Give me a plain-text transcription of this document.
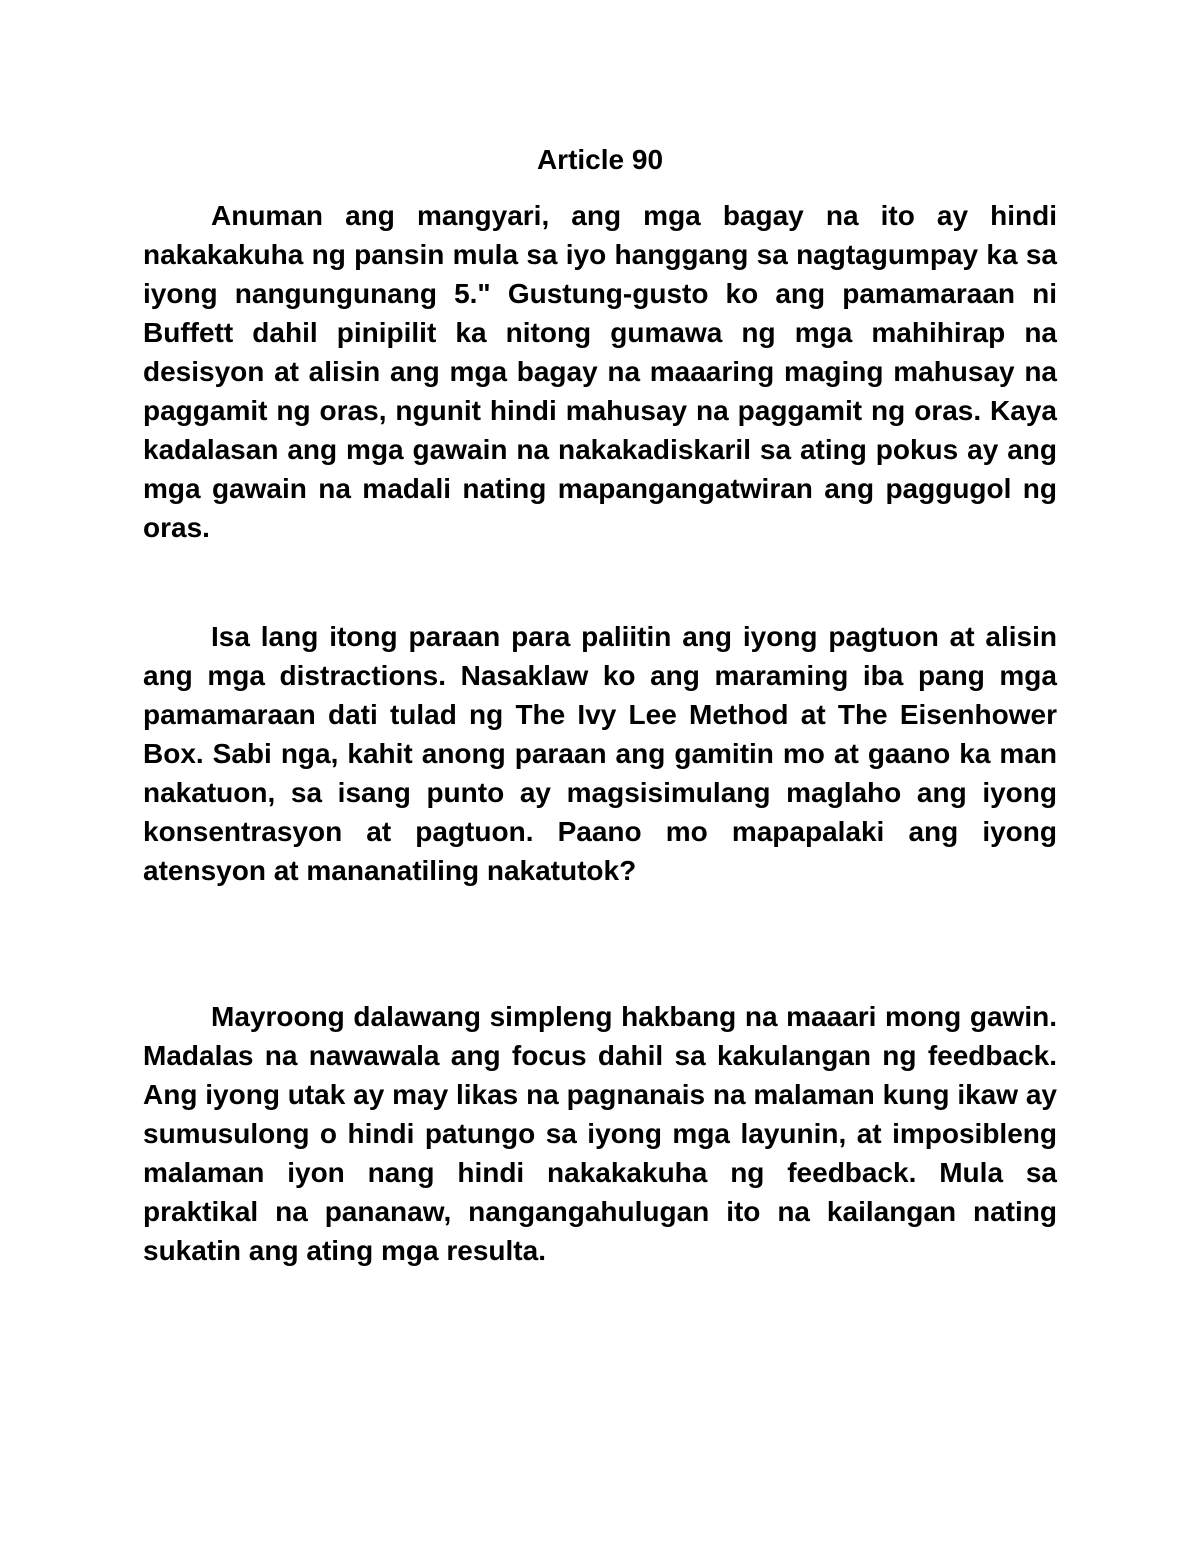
Article 90

Anuman ang mangyari, ang mga bagay na ito ay hindi nakakakuha ng pansin mula sa iyo hanggang sa nagtagumpay ka sa iyong nangungunang 5." Gustung-gusto ko ang pamamaraan ni Buffett dahil pinipilit ka nitong gumawa ng mga mahihirap na desisyon at alisin ang mga bagay na maaaring maging mahusay na paggamit ng oras, ngunit hindi mahusay na paggamit ng oras. Kaya kadalasan ang mga gawain na nakakadiskaril sa ating pokus ay ang mga gawain na madali nating mapangangatwiran ang paggugol ng oras.

Isa lang itong paraan para paliitin ang iyong pagtuon at alisin ang mga distractions. Nasaklaw ko ang maraming iba pang mga pamamaraan dati tulad ng The Ivy Lee Method at The Eisenhower Box. Sabi nga, kahit anong paraan ang gamitin mo at gaano ka man nakatuon, sa isang punto ay magsisimulang maglaho ang iyong konsentrasyon at pagtuon. Paano mo mapapalaki ang iyong atensyon at mananatiling nakatutok?

Mayroong dalawang simpleng hakbang na maaari mong gawin. Madalas na nawawala ang focus dahil sa kakulangan ng feedback. Ang iyong utak ay may likas na pagnanais na malaman kung ikaw ay sumusulong o hindi patungo sa iyong mga layunin, at imposibleng malaman iyon nang hindi nakakakuha ng feedback. Mula sa praktikal na pananaw, nangangahulugan ito na kailangan nating sukatin ang ating mga resulta.
